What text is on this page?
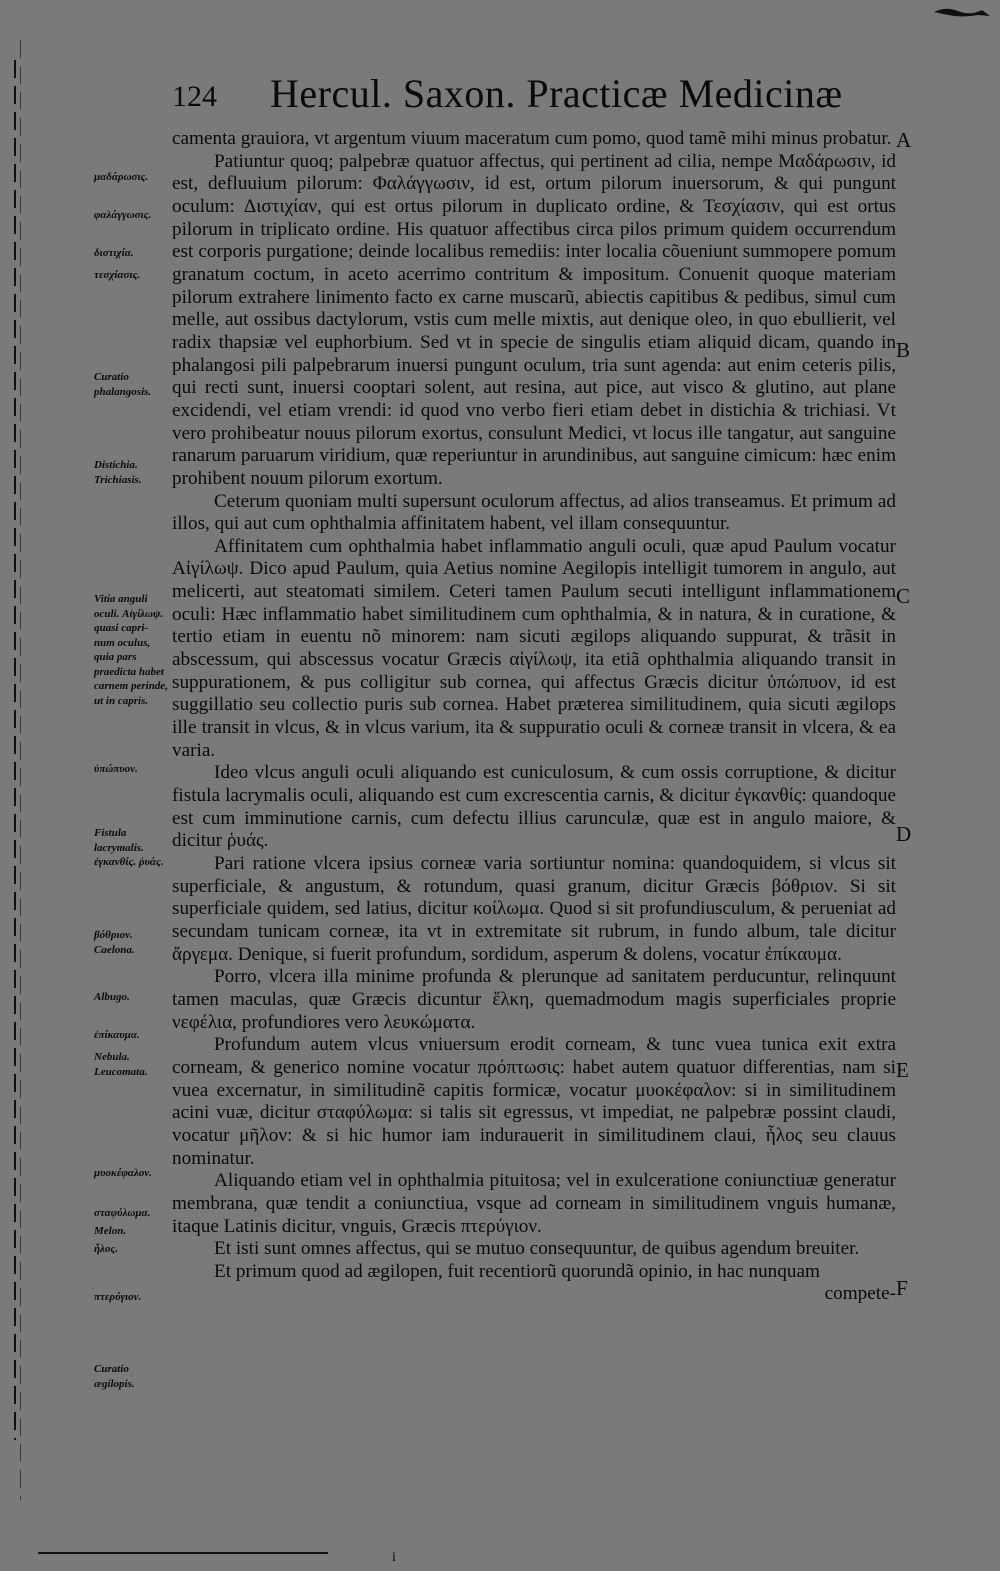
124 Hercul. Saxon. Practicæ Medicinæ
μαδάρωσις.
φαλάγγωσις.
διστιχία.
τεσχίασις.
Curatio phalangosis.
Distichia. Trichiasis.
Vitia anguli oculi. Αἰγίλωψ. quasi capri-num oculus, quia pars praedicta habet carnem perinde, ut in capris.
ὑπώπυον.
Fistula lacrymalis. ἐγκανθίς. ῥυάς.
βόθριον. Caelona.
Albugo.
ἐπίκαυμα.
Nebula. Leucomata.
μυοκέφαλον.
σταφύλωμα.
Melon.
ἧλος.
πτερύγιον.
Curatio ægilopis.

camenta grauiora, vt argentum viuum maceratum cum pomo, quod tamẽ mihi minus probatur.

Patiuntur quoq; palpebræ quatuor affectus, qui pertinent ad cilia, nempe Μαδάρωσιν, id est, defluuium pilorum: Φαλάγγωσιν, id est, ortum pilorum inuersorum, & qui pungunt oculum: Διστιχίαν, qui est ortus pilorum in duplicato ordine, & Τεσχίασιν, qui est ortus pilorum in triplicato ordine. His quatuor affectibus circa pilos primum quidem occurrendum est corporis purgatione; deinde localibus remediis: inter localia cõueniunt summopere pomum granatum coctum, in aceto acerrimo contritum & impositum. Conuenit quoque materiam pilorum extrahere linimento facto ex carne muscarũ, abiectis capitibus & pedibus, simul cum melle, aut ossibus dactylorum, vstis cum melle mixtis, aut denique oleo, in quo ebullierit, vel radix thapsiæ vel euphorbium. Sed vt in specie de singulis etiam aliquid dicam, quando in phalangosi pili palpebrarum inuersi pungunt oculum, tria sunt agenda: aut enim ceteris pilis, qui recti sunt, inuersi cooptari solent, aut resina, aut pice, aut visco & glutino, aut plane excidendi, vel etiam vrendi: id quod vno verbo fieri etiam debet in distichia & trichiasi. Vt vero prohibeatur nouus pilorum exortus, consulunt Medici, vt locus ille tangatur, aut sanguine ranarum paruarum viridium, quæ reperiuntur in arundinibus, aut sanguine cimicum: hæc enim prohibent nouum pilorum exortum.

Ceterum quoniam multi supersunt oculorum affectus, ad alios transeamus. Et primum ad illos, qui aut cum ophthalmia affinitatem habent, vel illam consequuntur.

Affinitatem cum ophthalmia habet inflammatio anguli oculi, quæ apud Paulum vocatur Αἰγίλωψ. Dico apud Paulum, quia Aetius nomine Aegilopis intelligit tumorem in angulo, aut melicerti, aut steatomati similem. Ceteri tamen Paulum secuti intelligunt inflammationem oculi: Hæc inflammatio habet similitudinem cum ophthalmia, & in natura, & in curatione, & tertio etiam in euentu nõ minorem: nam sicuti ægilops aliquando suppurat, & trãsit in abscessum, qui abscessus vocatur Græcis αἰγίλωψ, ita etiã ophthalmia aliquando transit in suppurationem, & pus colligitur sub cornea, qui affectus Græcis dicitur ὑπώπυον, id est suggillatio seu collectio puris sub cornea. Habet præterea similitudinem, quia sicuti ægilops ille transit in vlcus, & in vlcus varium, ita & suppuratio oculi & corneæ transit in vlcera, & ea varia.

Ideo vlcus anguli oculi aliquando est cuniculosum, & cum ossis corruptione, & dicitur fistula lacrymalis oculi, aliquando est cum excrescentia carnis, & dicitur ἐγκανθίς: quandoque est cum imminutione carnis, cum defectu illius carunculæ, quæ est in angulo maiore, & dicitur ῥυάς.

Pari ratione vlcera ipsius corneæ varia sortiuntur nomina: quandoquidem, si vlcus sit superficiale, & angustum, & rotundum, quasi granum, dicitur Græcis βόθριον. Si sit superficiale quidem, sed latius, dicitur κοίλωμα. Quod si sit profundiusculum, & perueniat ad secundam tunicam corneæ, ita vt in extremitate sit rubrum, in fundo album, tale dicitur ἄργεμα. Denique, si fuerit profundum, sordidum, asperum & dolens, vocatur ἐπίκαυμα.

Porro, vlcera illa minime profunda & plerunque ad sanitatem perducuntur, relinquunt tamen maculas, quæ Græcis dicuntur ἕλκη, quemadmodum magis superficiales proprie νεφέλια, profundiores vero λευκώματα.

Profundum autem vlcus vniuersum erodit corneam, & tunc vuea tunica exit extra corneam, & generico nomine vocatur πρόπτωσις: habet autem quatuor differentias, nam si vuea excernatur, in similitudinẽ capitis formicæ, vocatur μυοκέφαλον: si in similitudinem acini vuæ, dicitur σταφύλωμα: si talis sit egressus, vt impediat, ne palpebræ possint claudi, vocatur μῆλον: & si hic humor iam indurauerit in similitudinem claui, ἧλος seu clauus nominatur.

Aliquando etiam vel in ophthalmia pituitosa; vel in exulceratione coniunctiuæ generatur membrana, quæ tendit a coniunctiua, vsque ad corneam in similitudinem vnguis humanæ, itaque Latinis dicitur, vnguis, Græcis πτερύγιον.

Et isti sunt omnes affectus, qui se mutuo consequuntur, de quibus agendum breuiter.

Et primum quod ad ægilopen, fuit recentiorũ quorundã opinio, in hac nunquam

compete-

A
B
C
D
E
F
i
